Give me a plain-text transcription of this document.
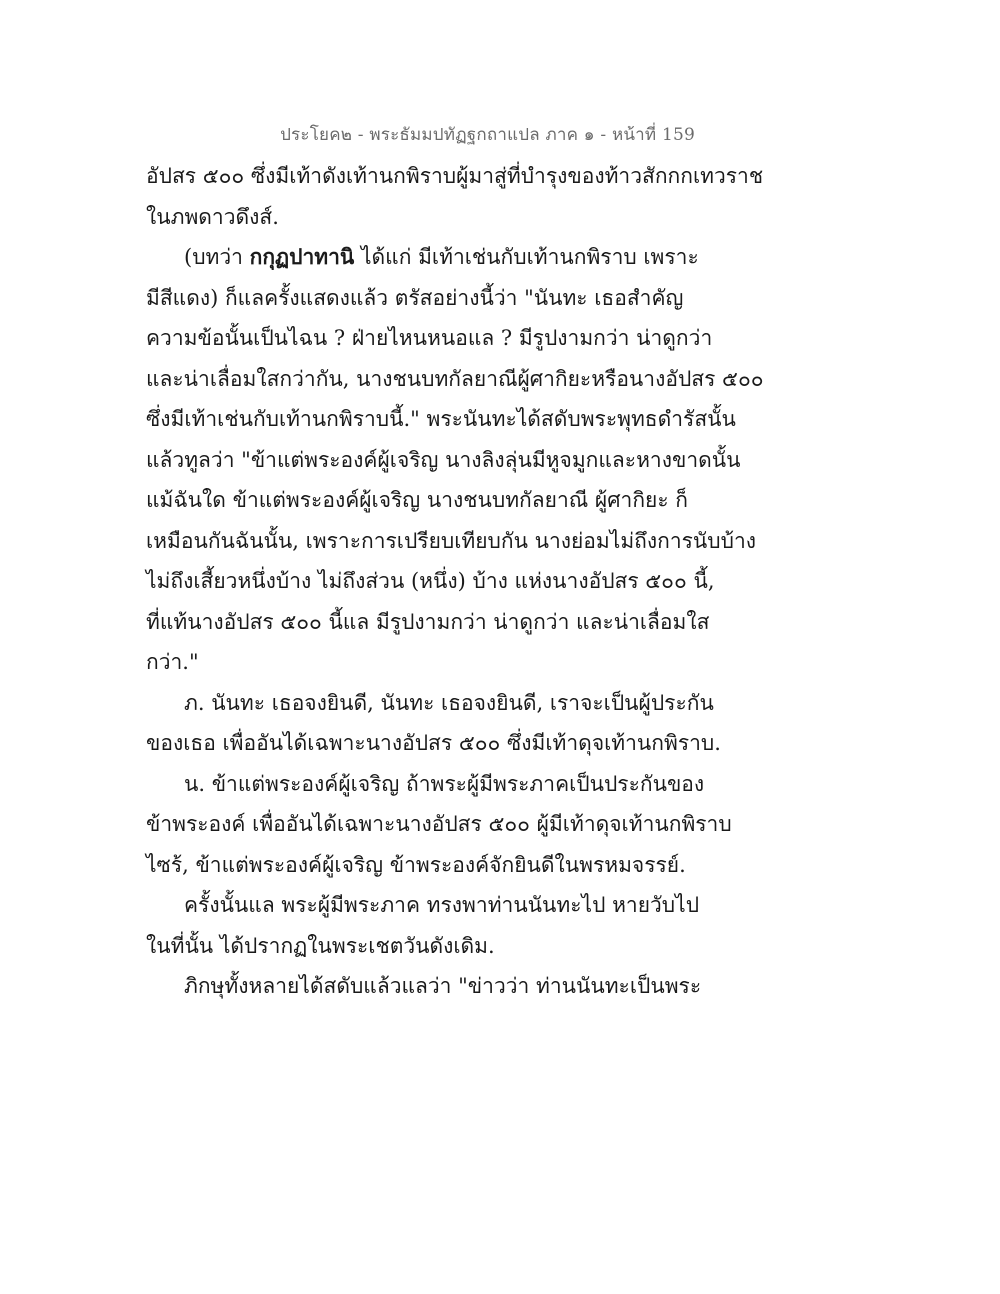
ประโยค๒ - พระธัมมปทัฏฐกถาแปล ภาค ๑ - หน้าที่ 159
อัปสร ๕๐๐ ซึ่งมีเท้าดังเท้านกพิราบผู้มาสู่ที่บำรุงของท้าวสักกกเทวราช
ในภพดาวดึงส์.
(บทว่า กกุฏปาทานิ ได้แก่ มีเท้าเช่นกับเท้านกพิราบ เพราะ
มีสีแดง) ก็แลครั้งแสดงแล้ว ตรัสอย่างนี้ว่า "นันทะ เธอสำคัญ
ความข้อนั้นเป็นไฉน ? ฝ่ายไหนหนอแล ? มีรูปงามกว่า น่าดูกว่า
และน่าเลื่อมใสกว่ากัน, นางชนบทกัลยาณีผู้ศากิยะหรือนางอัปสร ๕๐๐
ซึ่งมีเท้าเช่นกับเท้านกพิราบนี้." พระนันทะได้สดับพระพุทธดำรัสนั้น
แล้วทูลว่า "ข้าแต่พระองค์ผู้เจริญ นางลิงลุ่นมีหูจมูกและหางขาดนั้น
แม้ฉันใด ข้าแต่พระองค์ผู้เจริญ นางชนบทกัลยาณี ผู้ศากิยะ ก็
เหมือนกันฉันนั้น, เพราะการเปรียบเทียบกัน นางย่อมไม่ถึงการนับบ้าง
ไม่ถึงเสี้ยวหนึ่งบ้าง ไม่ถึงส่วน (หนึ่ง) บ้าง แห่งนางอัปสร ๕๐๐ นี้,
ที่แท้นางอัปสร ๕๐๐ นี้แล มีรูปงามกว่า น่าดูกว่า และน่าเลื่อมใส
กว่า."
ภ. นันทะ เธอจงยินดี, นันทะ เธอจงยินดี, เราจะเป็นผู้ประกัน
ของเธอ เพื่ออันได้เฉพาะนางอัปสร ๕๐๐ ซึ่งมีเท้าดุจเท้านกพิราบ.
น. ข้าแต่พระองค์ผู้เจริญ ถ้าพระผู้มีพระภาคเป็นประกันของ
ข้าพระองค์ เพื่ออันได้เฉพาะนางอัปสร ๕๐๐ ผู้มีเท้าดุจเท้านกพิราบ
ไซร้, ข้าแต่พระองค์ผู้เจริญ ข้าพระองค์จักยินดีในพรหมจรรย์.
ครั้งนั้นแล พระผู้มีพระภาค ทรงพาท่านนันทะไป หายวับไป
ในที่นั้น ได้ปรากฏในพระเชตวันดังเดิม.
ภิกษุทั้งหลายได้สดับแล้วแลว่า "ข่าวว่า ท่านนันทะเป็นพระ
